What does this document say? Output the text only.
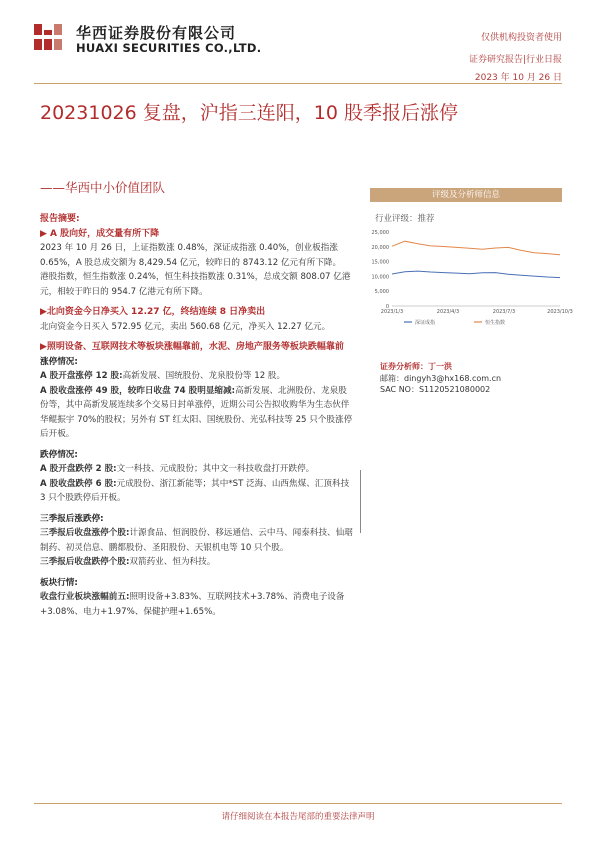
华西证券股份有限公司
HUAXI SECURITIES CO.,LTD.
仅供机构投资者使用
证券研究报告|行业日报
2023 年 10 月 26 日
20231026 复盘，沪指三连阳，10 股季报后涨停
——华西中小价值团队	评级及分析师信息
行业评级：推荐
0
5,000
10,000
15,000
20,000
25,000
2023/1/3	2023/4/3	2023/7/3	2023/10/3
深证成指	恒生指数
证券分析师：丁一洪
邮箱：dingyh3@hx168.com.cn
SAC NO：S1120521080002

报告摘要:

▶ A 股向好，成交量有所下降

2023 年 10 月 26 日，上证指数涨 0.48%，深证成指涨 0.40%，创业板指涨 0.65%，A 股总成交额为 8,429.54 亿元，较昨日的 8743.12 亿元有所下降。

港股指数，恒生指数涨 0.24%，恒生科技指数涨 0.31%，总成交额 808.07 亿港元，相较于昨日的 954.7 亿港元有所下降。

▶北向资金今日净买入 12.27 亿，终结连续 8 日净卖出

北向资金今日买入 572.95 亿元，卖出 560.68 亿元，净买入 12.27 亿元。

▶照明设备、互联网技术等板块涨幅靠前，水泥、房地产服务等板块跌幅靠前

涨停情况:

A 股开盘涨停 12 股:高新发展、国统股份、龙泉股份等 12 股。

A 股收盘涨停 49 股，较昨日收盘 74 股明显缩减:高新发展、北洲股份、龙泉股份等，其中高新发展连续多个交易日封单涨停，近期公司公告拟收购华为生态伙伴华鲲振宇 70%的股权；另外有 ST 红太阳、国统股份、光弘科技等 25 只个股涨停后开板。

跌停情况:

A 股开盘跌停 2 股:文一科技、元成股份；其中文一科技收盘打开跌停。

A 股收盘跌停 6 股:元成股份、浙江新能等；其中*ST 泛海、山西焦煤、汇顶科技 3 只个股跌停后开板。

三季报后涨跌停:

三季报后收盘涨停个股:计源食品、恒润股份、移远通信、云中马、闻泰科技、仙琚制药、初灵信息、鹏都股份、圣阳股份、天银机电等 10 只个股。

三季报后收盘跌停个股:双箭药业、恒为科技。

板块行情:

收盘行业板块涨幅前五:照明设备+3.83%、互联网技术+3.78%、消费电子设备+3.08%、电力+1.97%、保健护理+1.65%。

请仔细阅读在本报告尾部的重要法律声明
